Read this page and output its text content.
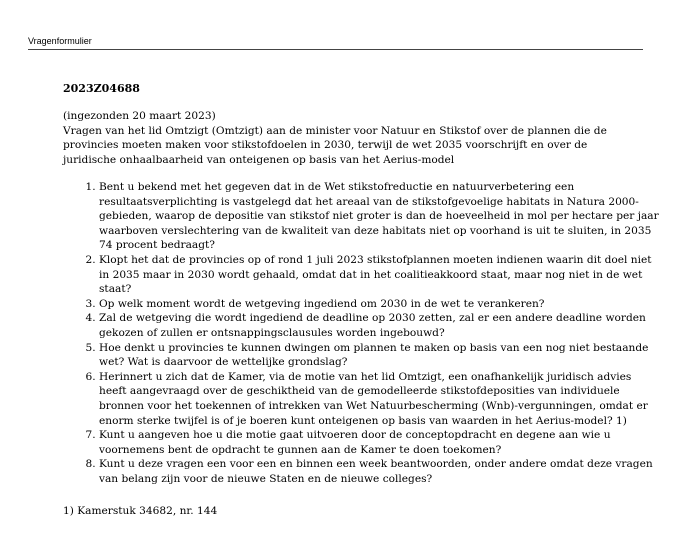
Vragenformulier
2023Z04688
(ingezonden 20 maart 2023)
Vragen van het lid Omtzigt (Omtzigt) aan de minister voor Natuur en Stikstof over de plannen die de provincies moeten maken voor stikstofdoelen in 2030, terwijl de wet 2035 voorschrijft en over de juridische onhaalbaarheid van onteigenen op basis van het Aerius-model
1. Bent u bekend met het gegeven dat in de Wet stikstofreductie en natuurverbetering een resultaatsverplichting is vastgelegd dat het areaal van de stikstofgevoelige habitats in Natura 2000-gebieden, waarop de depositie van stikstof niet groter is dan de hoeveelheid in mol per hectare per jaar waarboven verslechtering van de kwaliteit van deze habitats niet op voorhand is uit te sluiten, in 2035 74 procent bedraagt?
2. Klopt het dat de provincies op of rond 1 juli 2023 stikstofplannen moeten indienen waarin dit doel niet in 2035 maar in 2030 wordt gehaald, omdat dat in het coalitieakkoord staat, maar nog niet in de wet staat?
3. Op welk moment wordt de wetgeving ingediend om 2030 in de wet te verankeren?
4. Zal de wetgeving die wordt ingediend de deadline op 2030 zetten, zal er een andere deadline worden gekozen of zullen er ontsnappingsclausules worden ingebouwd?
5. Hoe denkt u provincies te kunnen dwingen om plannen te maken op basis van een nog niet bestaande wet? Wat is daarvoor de wettelijke grondslag?
6. Herinnert u zich dat de Kamer, via de motie van het lid Omtzigt, een onafhankelijk juridisch advies heeft aangevraagd over de geschiktheid van de gemodelleerde stikstofdeposities van individuele bronnen voor het toekennen of intrekken van Wet Natuurbescherming (Wnb)-vergunningen, omdat er enorm sterke twijfel is of je boeren kunt onteigenen op basis van waarden in het Aerius-model? 1)
7. Kunt u aangeven hoe u die motie gaat uitvoeren door de conceptopdracht en degene aan wie u voornemens bent de opdracht te gunnen aan de Kamer te doen toekomen?
8. Kunt u deze vragen een voor een en binnen een week beantwoorden, onder andere omdat deze vragen van belang zijn voor de nieuwe Staten en de nieuwe colleges?
1) Kamerstuk 34682, nr. 144
